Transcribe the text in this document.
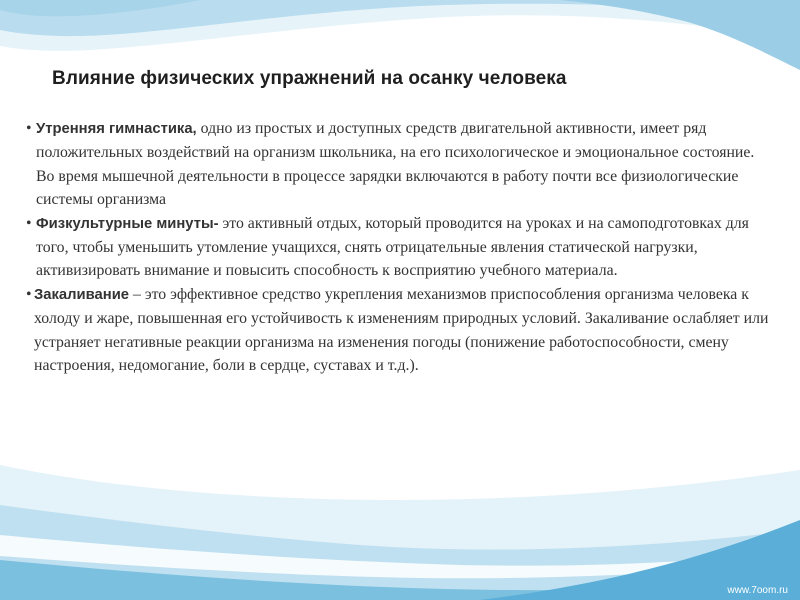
Влияние физических упражнений на осанку человека
• Утренняя гимнастика, одно из простых и доступных средств двигательной активности, имеет ряд положительных воздействий на организм школьника, на его психологическое и эмоциональное состояние. Во время мышечной деятельности в процессе зарядки включаются в работу почти все физиологические системы организма
• Физкультурные минуты- это активный отдых, который проводится на уроках и на самоподготовках для того, чтобы уменьшить утомление учащихся, снять отрицательные явления статической нагрузки, активизировать внимание и повысить способность к восприятию учебного материала.
• Закаливание – это эффективное средство укрепления механизмов приспособления организма человека к холоду и жаре, повышенная его устойчивость к изменениям природных условий. Закаливание ослабляет или устраняет негативные реакции организма на изменения погоды (понижение работоспособности, смену настроения, недомогание, боли в сердце, суставах и т.д.).
www.7oom.ru
